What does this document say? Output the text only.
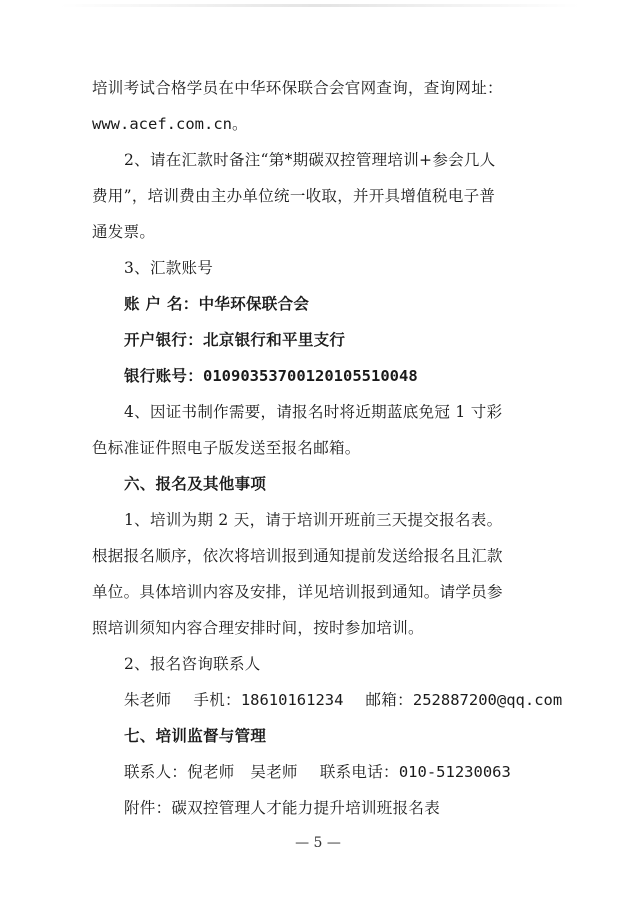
培训考试合格学员在中华环保联合会官网查询，查询网址：
www.acef.com.cn。
2、请在汇款时备注“第*期碳双控管理培训+参会几人
费用”，培训费由主办单位统一收取，并开具增值税电子普
通发票。
3、汇款账号
账 户 名：中华环保联合会
开户银行：北京银行和平里支行
银行账号：01090353700120105510048
4、因证书制作需要，请报名时将近期蓝底免冠 1 寸彩
色标准证件照电子版发送至报名邮箱。
六、报名及其他事项
1、培训为期 2 天，请于培训开班前三天提交报名表。
根据报名顺序，依次将培训报到通知提前发送给报名且汇款
单位。具体培训内容及安排，详见培训报到通知。请学员参
照培训须知内容合理安排时间，按时参加培训。
2、报名咨询联系人
朱老师 手机：18610161234 邮箱：252887200@qq.com
七、培训监督与管理
联系人：倪老师　吴老师 联系电话：010-51230063
附件：碳双控管理人才能力提升培训班报名表
— 5 —
